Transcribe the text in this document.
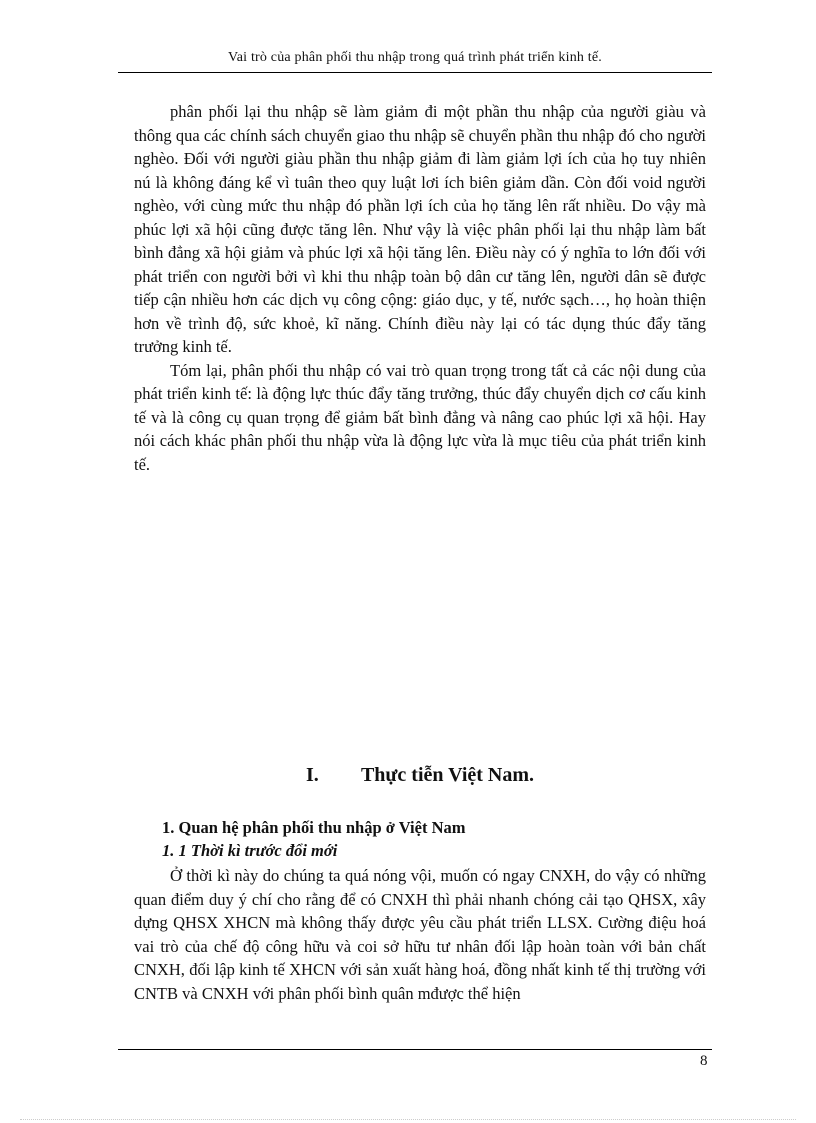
Vai trò của phân phối thu nhập trong quá trình phát triển kinh tế.

phân phối lại thu nhập sẽ làm giảm đi một phần thu nhập của người giàu và thông qua các chính sách chuyển giao thu nhập sẽ chuyển phần thu nhập đó cho người nghèo. Đối với người giàu phần thu nhập giảm đi làm giảm lợi ích của họ tuy nhiên nú là không đáng kể vì tuân theo quy luật lơi ích biên giảm dần. Còn đối void người nghèo, với cùng mức thu nhập đó phần lợi ích của họ tăng lên rất nhiều. Do vậy mà phúc lợi xã hội cũng được tăng lên. Như vậy là việc phân phối lại thu nhập làm bất bình đẳng xã hội giảm và phúc lợi xã hội tăng lên. Điều này có ý nghĩa to lớn đối với phát triển con người bởi vì khi thu nhập toàn bộ dân cư tăng lên, người dân sẽ được tiếp cận nhiều hơn các dịch vụ công cộng: giáo dục, y tế, nước sạch…, họ hoàn thiện hơn về trình độ, sức khoẻ, kĩ năng. Chính điều này lại có tác dụng thúc đẩy tăng trưởng kinh tế.

Tóm lại, phân phối thu nhập có vai trò quan trọng trong tất cả các nội dung của phát triển kinh tế: là động lực thúc đẩy tăng trưởng, thúc đẩy chuyển dịch cơ cấu kinh tế và là công cụ quan trọng để giảm bất bình đẳng và nâng cao phúc lợi xã hội. Hay nói cách khác phân phối thu nhập vừa là động lực vừa là mục tiêu của phát triển kinh tế.

I. Thực tiễn Việt Nam.
1. Quan hệ phân phối thu nhập ở Việt Nam
1. 1 Thời kì trước đổi mới

Ở thời kì này do chúng ta quá nóng vội, muốn có ngay CNXH, do vậy có những quan điểm duy ý chí cho rằng để có CNXH thì phải nhanh chóng cải tạo QHSX, xây dựng QHSX XHCN mà không thấy được yêu cầu phát triển LLSX. Cường điệu hoá vai trò của chế độ công hữu và coi sở hữu tư nhân đối lập hoàn toàn với bản chất CNXH, đối lập kinh tế XHCN với sản xuất hàng hoá, đồng nhất kinh tế thị trường với CNTB và CNXH với phân phối bình quân mđược thể hiện

8
